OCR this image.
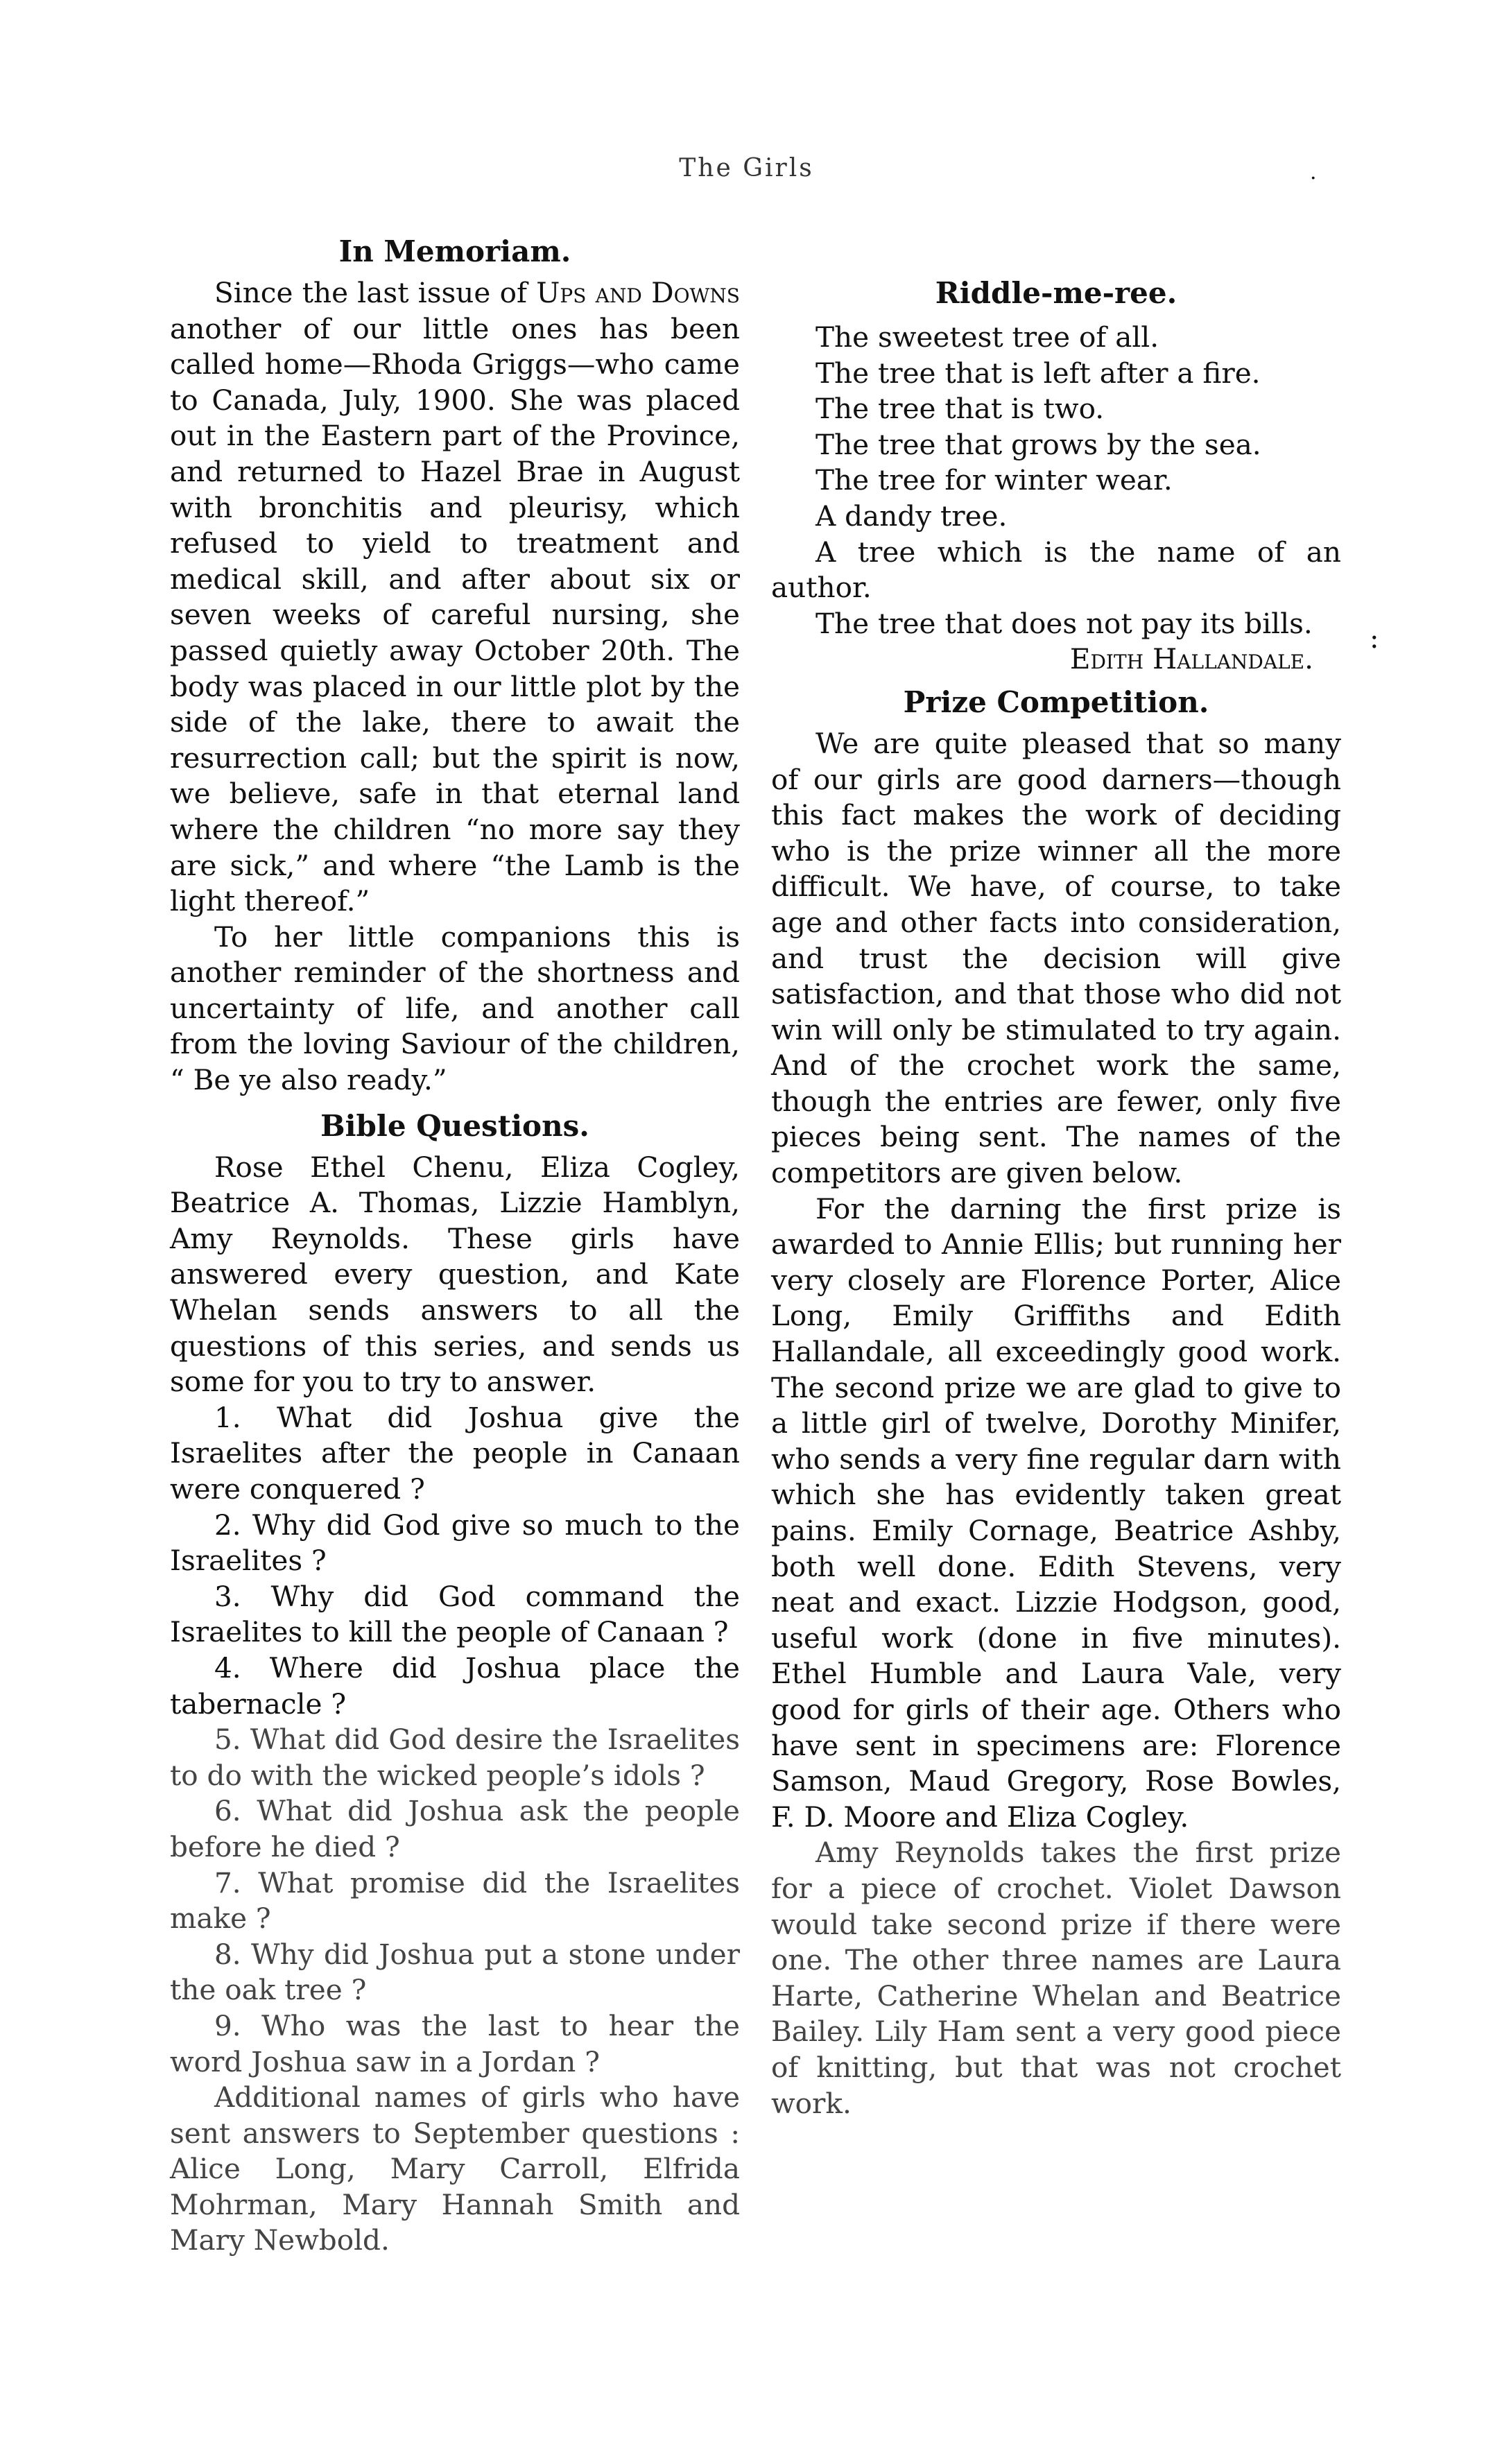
The Girls	·
:
In Memoriam.

Since the last issue of Ups and Downs another of our little ones has been called home—Rhoda Griggs—who came to Canada, July, 1900. She was placed out in the Eastern part of the Province, and returned to Hazel Brae in August with bronchitis and pleurisy, which refused to yield to treatment and medical skill, and after about six or seven weeks of careful nursing, she passed quietly away October 20th. The body was placed in our little plot by the side of the lake, there to await the resurrection call; but the spirit is now, we believe, safe in that eternal land where the children “no more say they are sick,” and where “the Lamb is the light thereof.”

To her little companions this is another reminder of the shortness and uncertainty of life, and another call from the loving Saviour of the children, “ Be ye also ready.”

Bible Questions.

Rose Ethel Chenu, Eliza Cogley, Beatrice A. Thomas, Lizzie Hamblyn, Amy Reynolds. These girls have answered every question, and Kate Whelan sends answers to all the questions of this series, and sends us some for you to try to answer.

1. What did Joshua give the Israelites after the people in Canaan were conquered ?

2. Why did God give so much to the Israelites ?

3. Why did God command the Israelites to kill the people of Canaan ?

4. Where did Joshua place the tabernacle ?

5. What did God desire the Israelites to do with the wicked people’s idols ?

6. What did Joshua ask the people before he died ?

7. What promise did the Israelites make ?

8. Why did Joshua put a stone under the oak tree ?

9. Who was the last to hear the word Joshua saw in a Jordan ?

Additional names of girls who have sent answers to September questions : Alice Long, Mary Carroll, Elfrida Mohrman, Mary Hannah Smith and Mary Newbold.

Riddle-me-ree.

The sweetest tree of all.

The tree that is left after a fire.

The tree that is two.

The tree that grows by the sea.

The tree for winter wear.

A dandy tree.

A tree which is the name of an author.

The tree that does not pay its bills.

Edith Hallandale.
Prize Competition.

We are quite pleased that so many of our girls are good darners—though this fact makes the work of deciding who is the prize winner all the more difficult. We have, of course, to take age and other facts into consideration, and trust the decision will give satisfaction, and that those who did not win will only be stimulated to try again. And of the crochet work the same, though the entries are fewer, only five pieces being sent. The names of the competitors are given below.

For the darning the first prize is awarded to Annie Ellis; but running her very closely are Florence Porter, Alice Long, Emily Griffiths and Edith Hallandale, all exceedingly good work. The second prize we are glad to give to a little girl of twelve, Dorothy Minifer, who sends a very fine regular darn with which she has evidently taken great pains. Emily Cornage, Beatrice Ashby, both well done. Edith Stevens, very neat and exact. Lizzie Hodgson, good, useful work (done in five minutes). Ethel Humble and Laura Vale, very good for girls of their age. Others who have sent in specimens are: Florence Samson, Maud Gregory, Rose Bowles, F. D. Moore and Eliza Cogley.

Amy Reynolds takes the first prize for a piece of crochet. Violet Dawson would take second prize if there were one. The other three names are Laura Harte, Catherine Whelan and Beatrice Bailey. Lily Ham sent a very good piece of knitting, but that was not crochet work.
